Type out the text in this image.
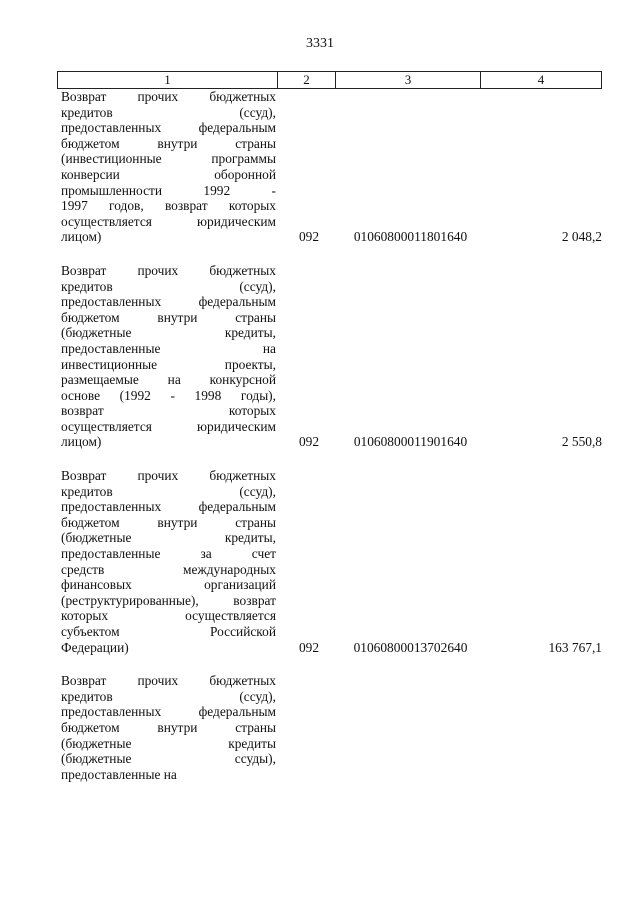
3331
1	2	3	4
Возврат прочих бюджетных
кредитов (ссуд),
предоставленных федеральным
бюджетом внутри страны
(инвестиционные программы
конверсии оборонной
промышленности 1992 -
1997 годов, возврат которых
осуществляется юридическим
лицом)	092	01060800011801640	2 048,2
Возврат прочих бюджетных
кредитов (ссуд),
предоставленных федеральным
бюджетом внутри страны
(бюджетные кредиты,
предоставленные на
инвестиционные проекты,
размещаемые на конкурсной
основе (1992 - 1998 годы),
возврат которых
осуществляется юридическим
лицом)	092	01060800011901640	2 550,8
Возврат прочих бюджетных
кредитов (ссуд),
предоставленных федеральным
бюджетом внутри страны
(бюджетные кредиты,
предоставленные за счет
средств международных
финансовых организаций
(реструктурированные), возврат
которых осуществляется
субъектом Российской
Федерации)	092	01060800013702640	163 767,1
Возврат прочих бюджетных
кредитов (ссуд),
предоставленных федеральным
бюджетом внутри страны
(бюджетные кредиты
(бюджетные ссуды),
предоставленные на
